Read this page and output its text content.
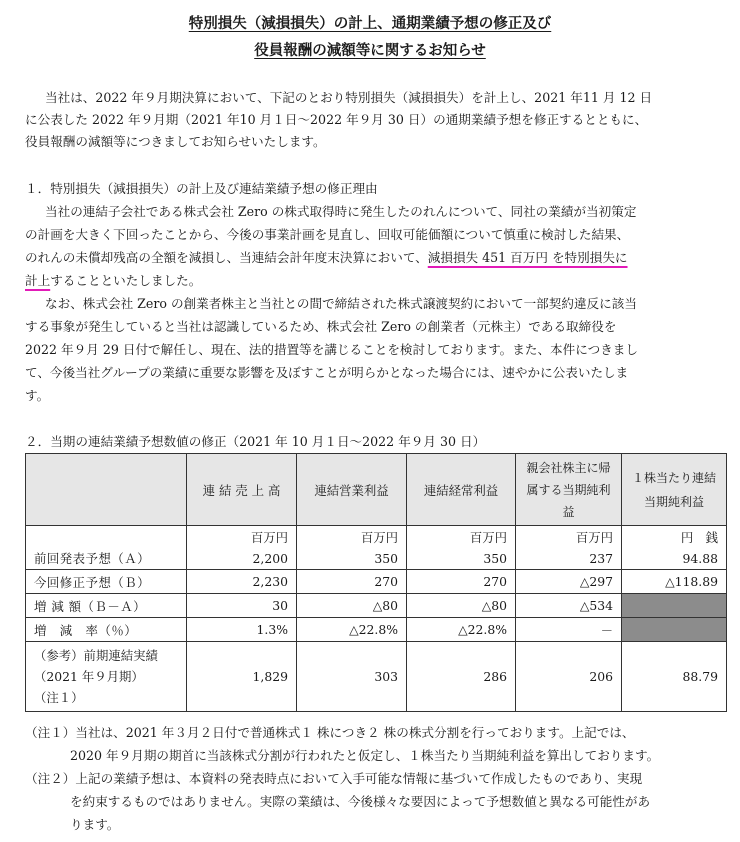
特別損失（減損損失）の計上、通期業績予想の修正及び
役員報酬の減額等に関するお知らせ
当社は、2022 年９月期決算において、下記のとおり特別損失（減損損失）を計上し、2021 年11 月 12 日
に公表した 2022 年９月期（2021 年10 月１日〜2022 年９月 30 日）の通期業績予想を修正するとともに、
役員報酬の減額等につきましてお知らせいたします。
１．特別損失（減損損失）の計上及び連結業績予想の修正理由
当社の連結子会社である株式会社 Zero の株式取得時に発生したのれんについて、同社の業績が当初策定
の計画を大きく下回ったことから、今後の事業計画を見直し、回収可能価額について慎重に検討した結果、
のれんの未償却残高の全額を減損し、当連結会計年度末決算において、減損損失 451 百万円 を特別損失に
計上することといたしました。
なお、株式会社 Zero の創業者株主と当社との間で締結された株式譲渡契約において一部契約違反に該当
する事象が発生していると当社は認識しているため、株式会社 Zero の創業者（元株主）である取締役を
2022 年９月 29 日付で解任し、現在、法的措置等を講じることを検討しております。また、本件につきまし
て、今後当社グループの業績に重要な影響を及ぼすことが明らかとなった場合には、速やかに公表いたしま
す。
２．当期の連結業績予想数値の修正（2021 年 10 月１日〜2022 年９月 30 日）
	連 結 売 上 高	連結営業利益	連結経常利益	親会社株主に帰属する当期純利益	１株当たり連結当期純利益
	百万円	百万円	百万円	百万円	円　銭
前回発表予想（Ａ）	2,200	350	350	237	94.88
今回修正予想（Ｂ）	2,230	270	270	△297	△118.89
増 減 額（Ｂ－Ａ）	30	△80	△80	△534	
増　減　率（％）	1.3%	△22.8%	△22.8%	－	

（参考）前期連結実績
（2021 年９月期）
（注１）	1,829	303	286	206	88.79
（注１）当社は、2021 年３月２日付で普通株式１ 株につき２ 株の株式分割を行っております。上記では、
2020 年９月期の期首に当該株式分割が行われたと仮定し、１株当たり当期純利益を算出しております。
（注２）上記の業績予想は、本資料の発表時点において入手可能な情報に基づいて作成したものであり、実現
を約束するものではありません。実際の業績は、今後様々な要因によって予想数値と異なる可能性があ
ります。
